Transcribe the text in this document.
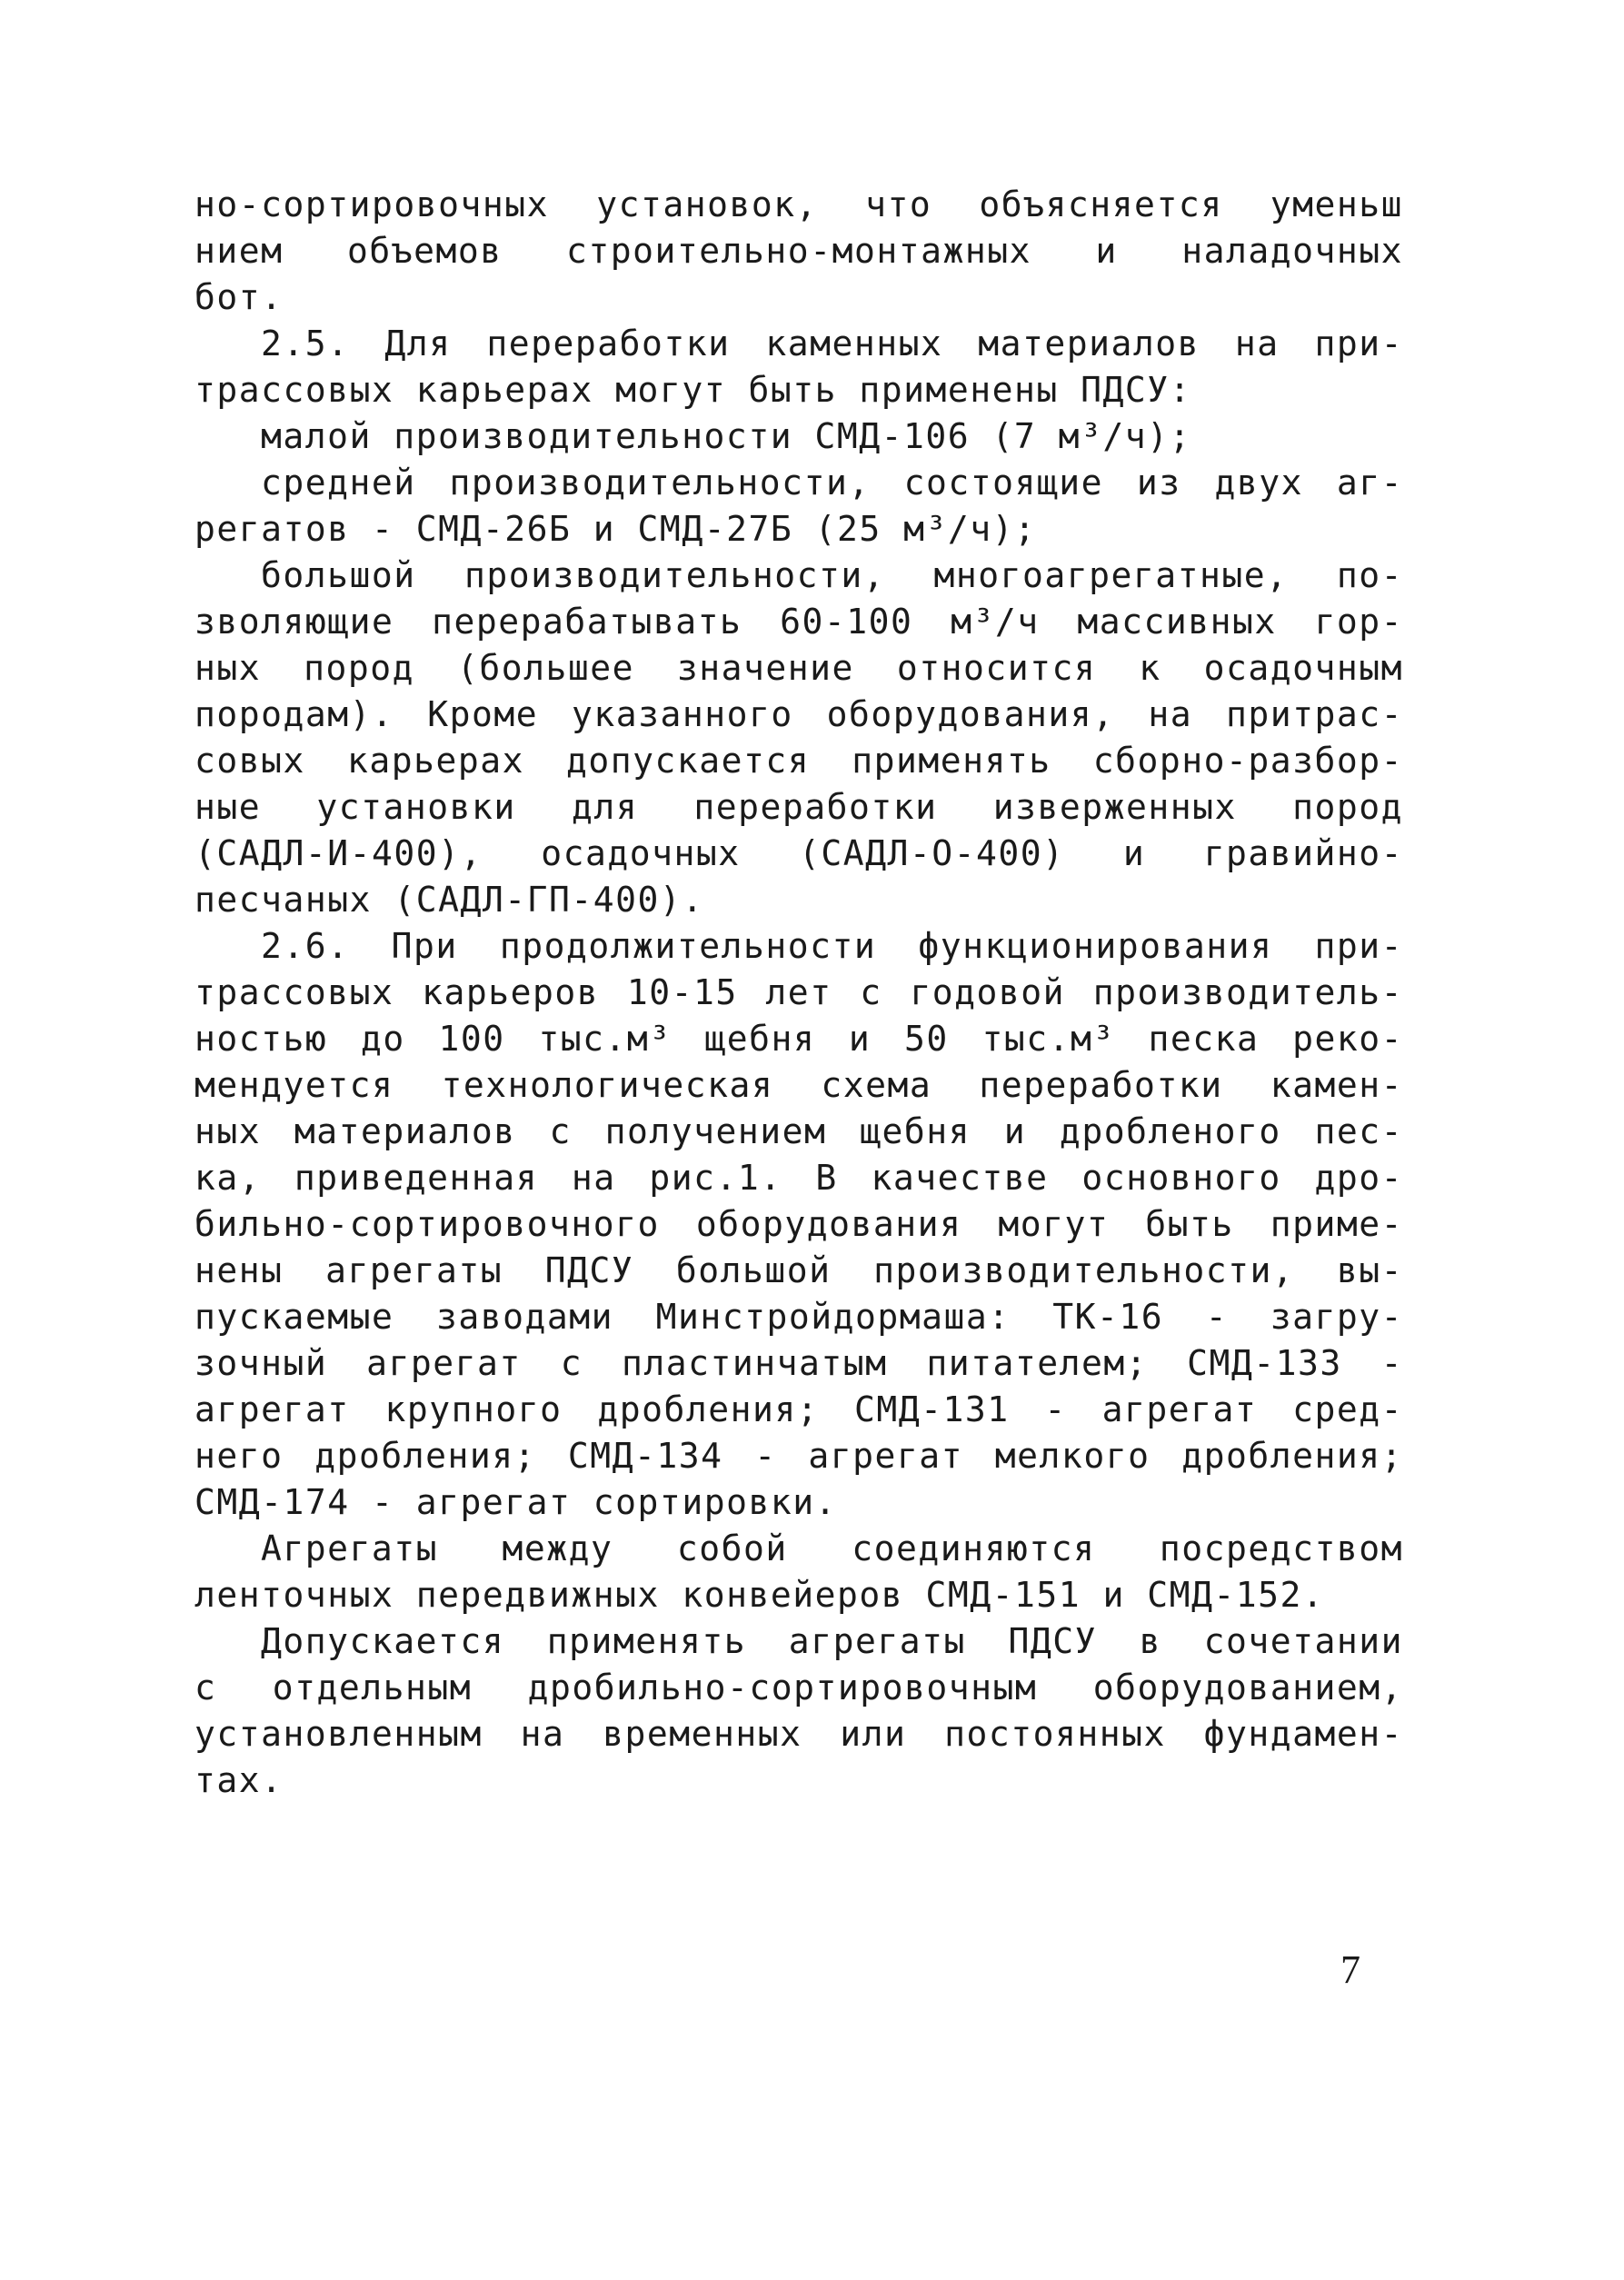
но-сортировочных установок, что объясняется уменьш
нием объемов строительно-монтажных и наладочных
бот.
2.5. Для переработки каменных материалов на при-
трассовых карьерах могут быть применены ПДСУ:
малой производительности СМД-106 (7 м³/ч);
средней производительности, состоящие из двух аг-
регатов - СМД-26Б и СМД-27Б (25 м³/ч);
большой производительности, многоагрегатные, по-
зволяющие перерабатывать 60-100 м³/ч массивных гор-
ных пород (большее значение относится к осадочным
породам). Кроме указанного оборудования, на притрас-
совых карьерах допускается применять сборно-разбор-
ные установки для переработки изверженных пород
(САДЛ-И-400), осадочных (САДЛ-О-400) и гравийно-
песчаных (САДЛ-ГП-400).
2.6. При продолжительности функционирования при-
трассовых карьеров 10-15 лет с годовой производитель-
ностью до 100 тыс.м³ щебня и 50 тыс.м³ песка реко-
мендуется технологическая схема переработки камен-
ных материалов с получением щебня и дробленого пес-
ка, приведенная на рис.1. В качестве основного дро-
бильно-сортировочного оборудования могут быть приме-
нены агрегаты ПДСУ большой производительности, вы-
пускаемые заводами Минстройдормаша: ТК-16 - загру-
зочный агрегат с пластинчатым питателем; СМД-133 -
агрегат крупного дробления; СМД-131 - агрегат сред-
него дробления; СМД-134 - агрегат мелкого дробления;
СМД-174 - агрегат сортировки.
Агрегаты между собой соединяются посредством
ленточных передвижных конвейеров СМД-151 и СМД-152.
Допускается применять агрегаты ПДСУ в сочетании
с отдельным дробильно-сортировочным оборудованием,
установленным на временных или постоянных фундамен-
тах.
7
